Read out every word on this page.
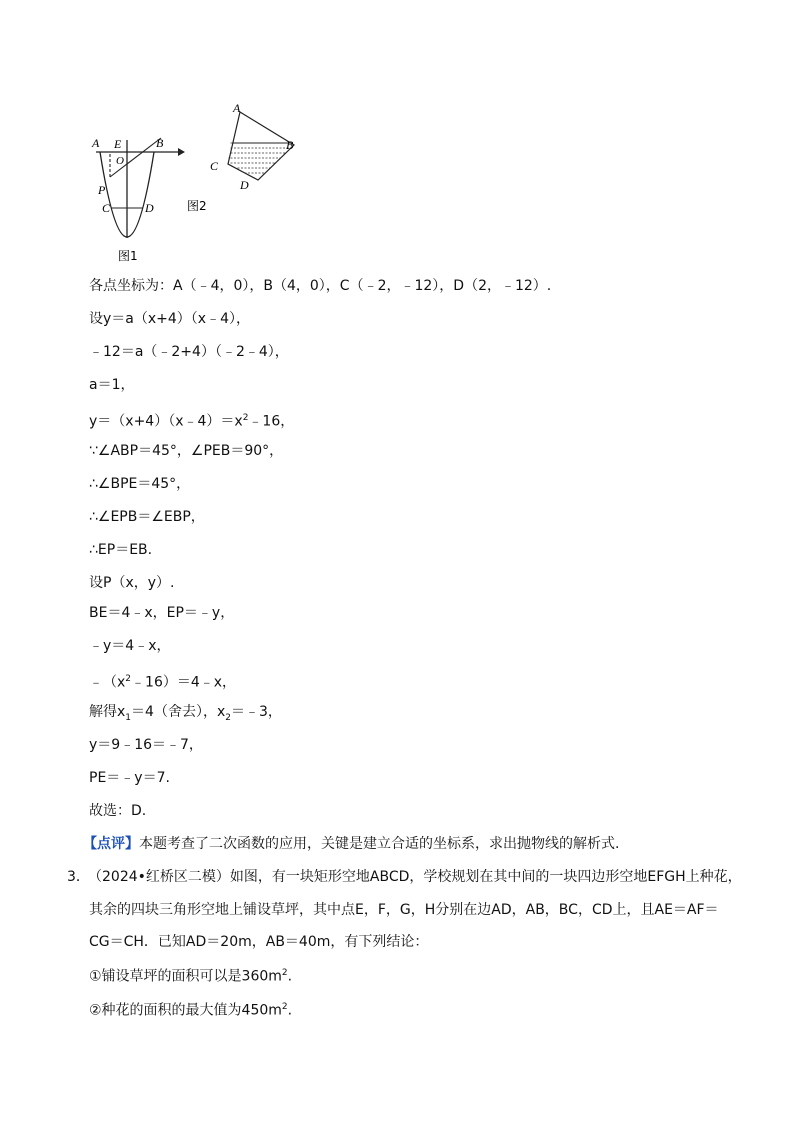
A E	B
O
P
C	D
图1
A
B
C
D
图2
各点坐标为：A（﹣4，0），B（4，0），C（﹣2，﹣12），D（2，﹣12）.
设y＝a（x+4）（x﹣4），
﹣12＝a（﹣2+4）（﹣2﹣4），
a＝1，
$y=(x+4)(x﹣4)=x^2﹣16$，
∵∠ABP＝45°，∠PEB＝90°，
∴∠BPE＝45°，
∴∠EPB＝∠EBP，
∴EP＝EB.
设P（x，y）.
BE＝4﹣x，EP＝﹣y，
﹣y＝4﹣x，
$﹣(x^2﹣16)=4﹣x$，
解得$x_1=4$（舍去），$x_2=﹣3$，
y＝9﹣16＝﹣7，
PE＝﹣y＝7.
故选：D.
【点评】本题考查了二次函数的应用，关键是建立合适的坐标系，求出抛物线的解析式.
3．
（2024•红桥区二模）如图，有一块矩形空地ABCD，学校规划在其中间的一块四边形空地EFGH上种花，
其余的四块三角形空地上铺设草坪，其中点E，F，G，H分别在边AD，AB，BC，CD上，且AE＝AF＝
CG＝CH．已知AD＝20m，AB＝40m，有下列结论：
①铺设草坪的面积可以是$360m^2$.
②种花的面积的最大值为$450m^2$.
